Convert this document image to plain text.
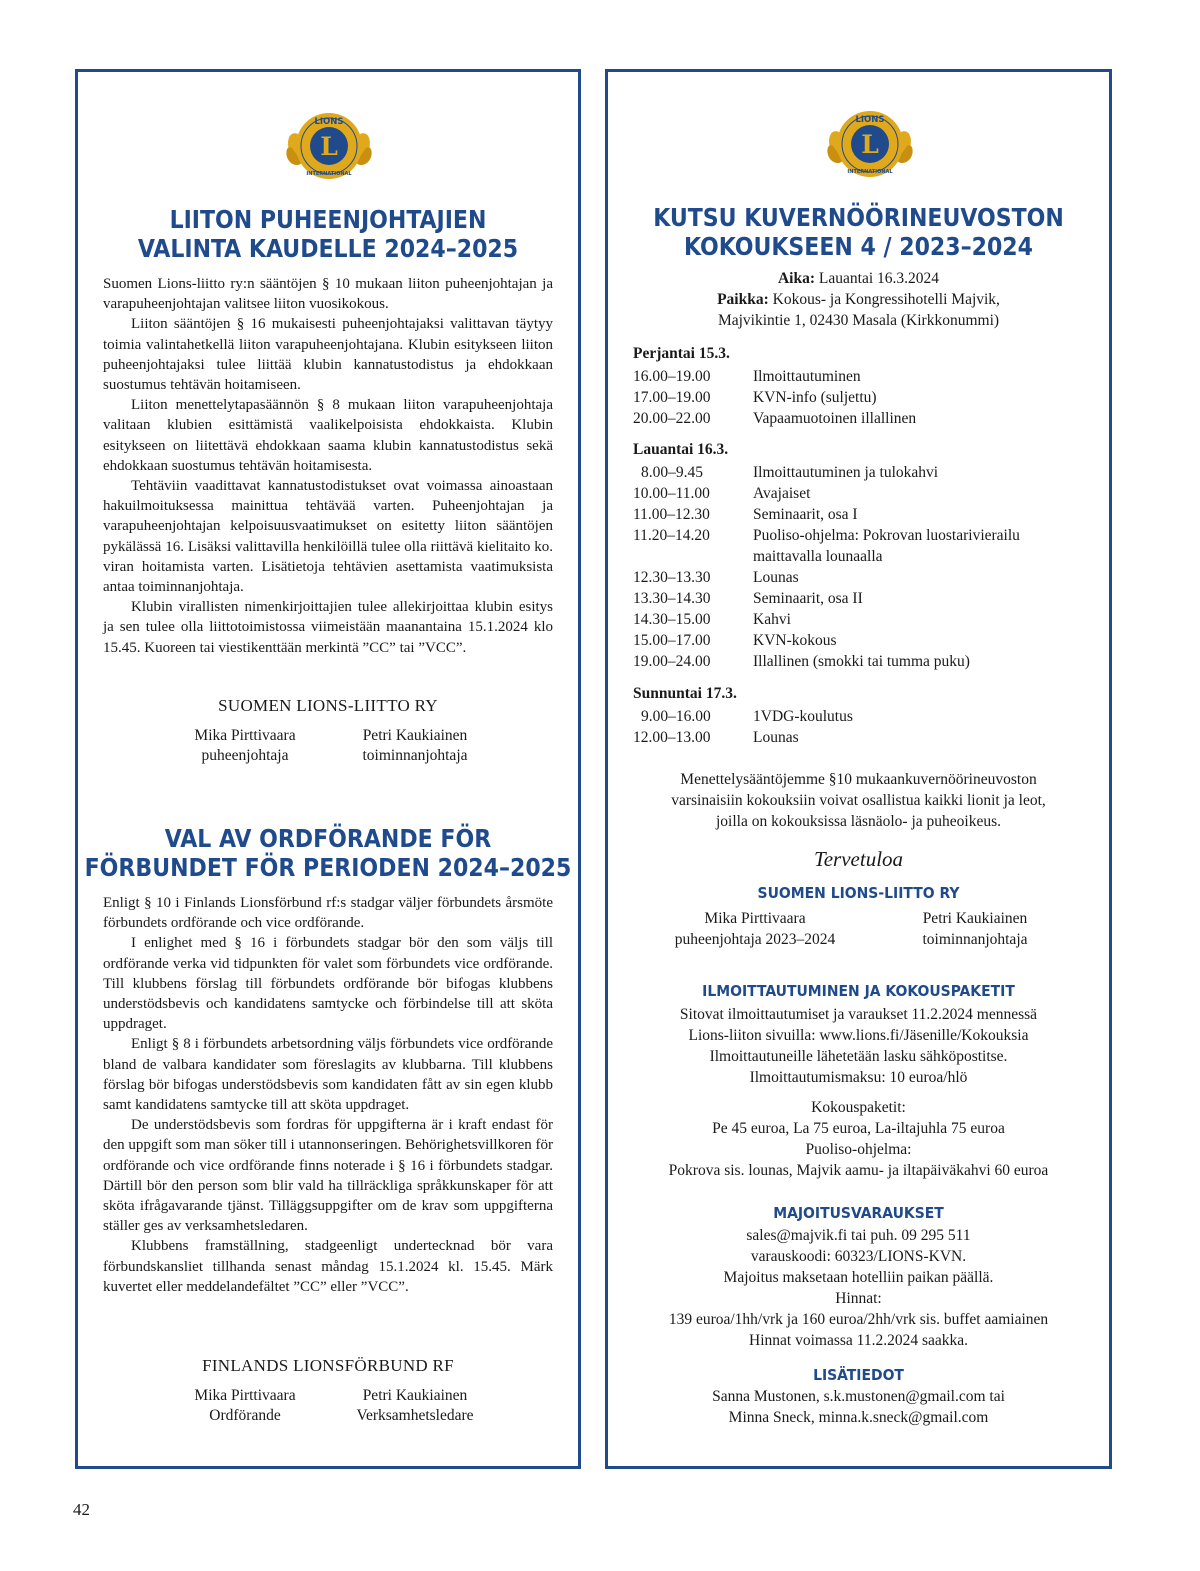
L
LIONS
INTERNATIONAL
L
LIONS
INTERNATIONAL
LIITON PUHEENJOHTAJIEN
VALINTA KAUDELLE 2024–2025

Suomen Lions-liitto ry:n sääntöjen § 10 mukaan liiton puheenjohtajan ja varapuheenjohtajan valitsee liiton vuosikokous.

Liiton sääntöjen § 16 mukaisesti puheenjohtajaksi valittavan täytyy toimia valintahetkellä liiton varapuheenjohtajana. Klubin esitykseen liiton puheenjohtajaksi tulee liittää klubin kannatustodistus ja ehdokkaan suostumus tehtävän hoitamiseen.

Liiton menettelytapasäännön § 8 mukaan liiton varapuheenjohtaja valitaan klubien esittämistä vaalikelpoisista ehdokkaista. Klubin esitykseen on liitettävä ehdokkaan saama klubin kannatustodistus sekä ehdokkaan suostumus tehtävän hoitamisesta.

Tehtäviin vaadittavat kannatustodistukset ovat voimassa ainoastaan hakuilmoituksessa mainittua tehtävää varten. Puheenjohtajan ja varapuheenjohtajan kelpoisuusvaatimukset on esitetty liiton sääntöjen pykälässä 16. Lisäksi valittavilla henkilöillä tulee olla riittävä kielitaito ko. viran hoitamista varten. Lisätietoja tehtävien asettamista vaatimuksista antaa toiminnanjohtaja.

Klubin virallisten nimenkirjoittajien tulee allekirjoittaa klubin esitys ja sen tulee olla liittotoimistossa viimeistään maanantaina 15.1.2024 klo 15.45. Kuoreen tai viestikenttään merkintä ”CC” tai ”VCC”.

SUOMEN LIONS-LIITTO RY
Mika Pirttivaara
puheenjohtaja
Petri Kaukiainen
toiminnanjohtaja
VAL AV ORDFÖRANDE FÖR
FÖRBUNDET FÖR PERIODEN 2024–2025

Enligt § 10 i Finlands Lionsförbund rf:s stadgar väljer förbundets årsmöte förbundets ordförande och vice ordförande.

I enlighet med § 16 i förbundets stadgar bör den som väljs till ordförande verka vid tidpunkten för valet som förbundets vice ordförande. Till klubbens förslag till förbundets ordförande bör bifogas klubbens understödsbevis och kandidatens samtycke och förbindelse till att sköta uppdraget.

Enligt § 8 i förbundets arbetsordning väljs förbundets vice ordförande bland de valbara kandidater som föreslagits av klubbarna. Till klubbens förslag bör bifogas understödsbevis som kandidaten fått av sin egen klubb samt kandidatens samtycke till att sköta uppdraget.

De understödsbevis som fordras för uppgifterna är i kraft endast för den uppgift som man söker till i utannonseringen. Behörighetsvillkoren för ordförande och vice ordförande finns noterade i § 16 i förbundets stadgar. Därtill bör den person som blir vald ha tillräckliga språkkunskaper för att sköta ifrågavarande tjänst. Tilläggsuppgifter om de krav som uppgifterna ställer ges av verksamhetsledaren.

Klubbens framställning, stadgeenligt undertecknad bör vara förbundskansliet tillhanda senast måndag 15.1.2024 kl. 15.45. Märk kuvertet eller meddelandefältet ”CC” eller ”VCC”.

FINLANDS LIONSFÖRBUND RF
Mika Pirttivaara
Ordförande
Petri Kaukiainen
Verksamhetsledare
KUTSU KUVERNÖÖRINEUVOSTON
KOKOUKSEEN 4 / 2023–2024
Aika: Lauantai 16.3.2024
Paikka: Kokous- ja Kongressihotelli Majvik,
Majvikintie 1, 02430 Masala (Kirkkonummi)
Perjantai 15.3.
16.00–19.00	Ilmoittautuminen
17.00–19.00	KVN-info (suljettu)
20.00–22.00	Vapaamuotoinen illallinen
Lauantai 16.3.
8.00–9.45	Ilmoittautuminen ja tulokahvi
10.00–11.00	Avajaiset
11.00–12.30	Seminaarit, osa I
11.20–14.20	Puoliso-ohjelma: Pokrovan luostarivierailu
maittavalla lounaalla
12.30–13.30	Lounas
13.30–14.30	Seminaarit, osa II
14.30–15.00	Kahvi
15.00–17.00	KVN-kokous
19.00–24.00	Illallinen (smokki tai tumma puku)
Sunnuntai 17.3.
9.00–16.00	1VDG-koulutus
12.00–13.00	Lounas
Menettelysääntöjemme §10 mukaankuvernöörineuvoston
varsinaisiin kokouksiin voivat osallistua kaikki lionit ja leot,
joilla on kokouksissa läsnäolo- ja puheoikeus.
Tervetuloa
SUOMEN LIONS-LIITTO RY
Mika Pirttivaara
puheenjohtaja 2023–2024
Petri Kaukiainen
toiminnanjohtaja
ILMOITTAUTUMINEN JA KOKOUSPAKETIT
Sitovat ilmoittautumiset ja varaukset 11.2.2024 mennessä
Lions-liiton sivuilla: www.lions.fi/Jäsenille/Kokouksia
Ilmoittautuneille lähetetään lasku sähköpostitse.
Ilmoittautumismaksu: 10 euroa/hlö
Kokouspaketit:
Pe 45 euroa, La 75 euroa, La-iltajuhla 75 euroa
Puoliso-ohjelma:
Pokrova sis. lounas, Majvik aamu- ja iltapäiväkahvi 60 euroa
MAJOITUSVARAUKSET
sales@majvik.fi tai puh. 09 295 511
varauskoodi: 60323/LIONS-KVN.
Majoitus maksetaan hotelliin paikan päällä.
Hinnat:
139 euroa/1hh/vrk ja 160 euroa/2hh/vrk sis. buffet aamiainen
Hinnat voimassa 11.2.2024 saakka.
LISÄTIEDOT
Sanna Mustonen, s.k.mustonen@gmail.com tai
Minna Sneck, minna.k.sneck@gmail.com
42
